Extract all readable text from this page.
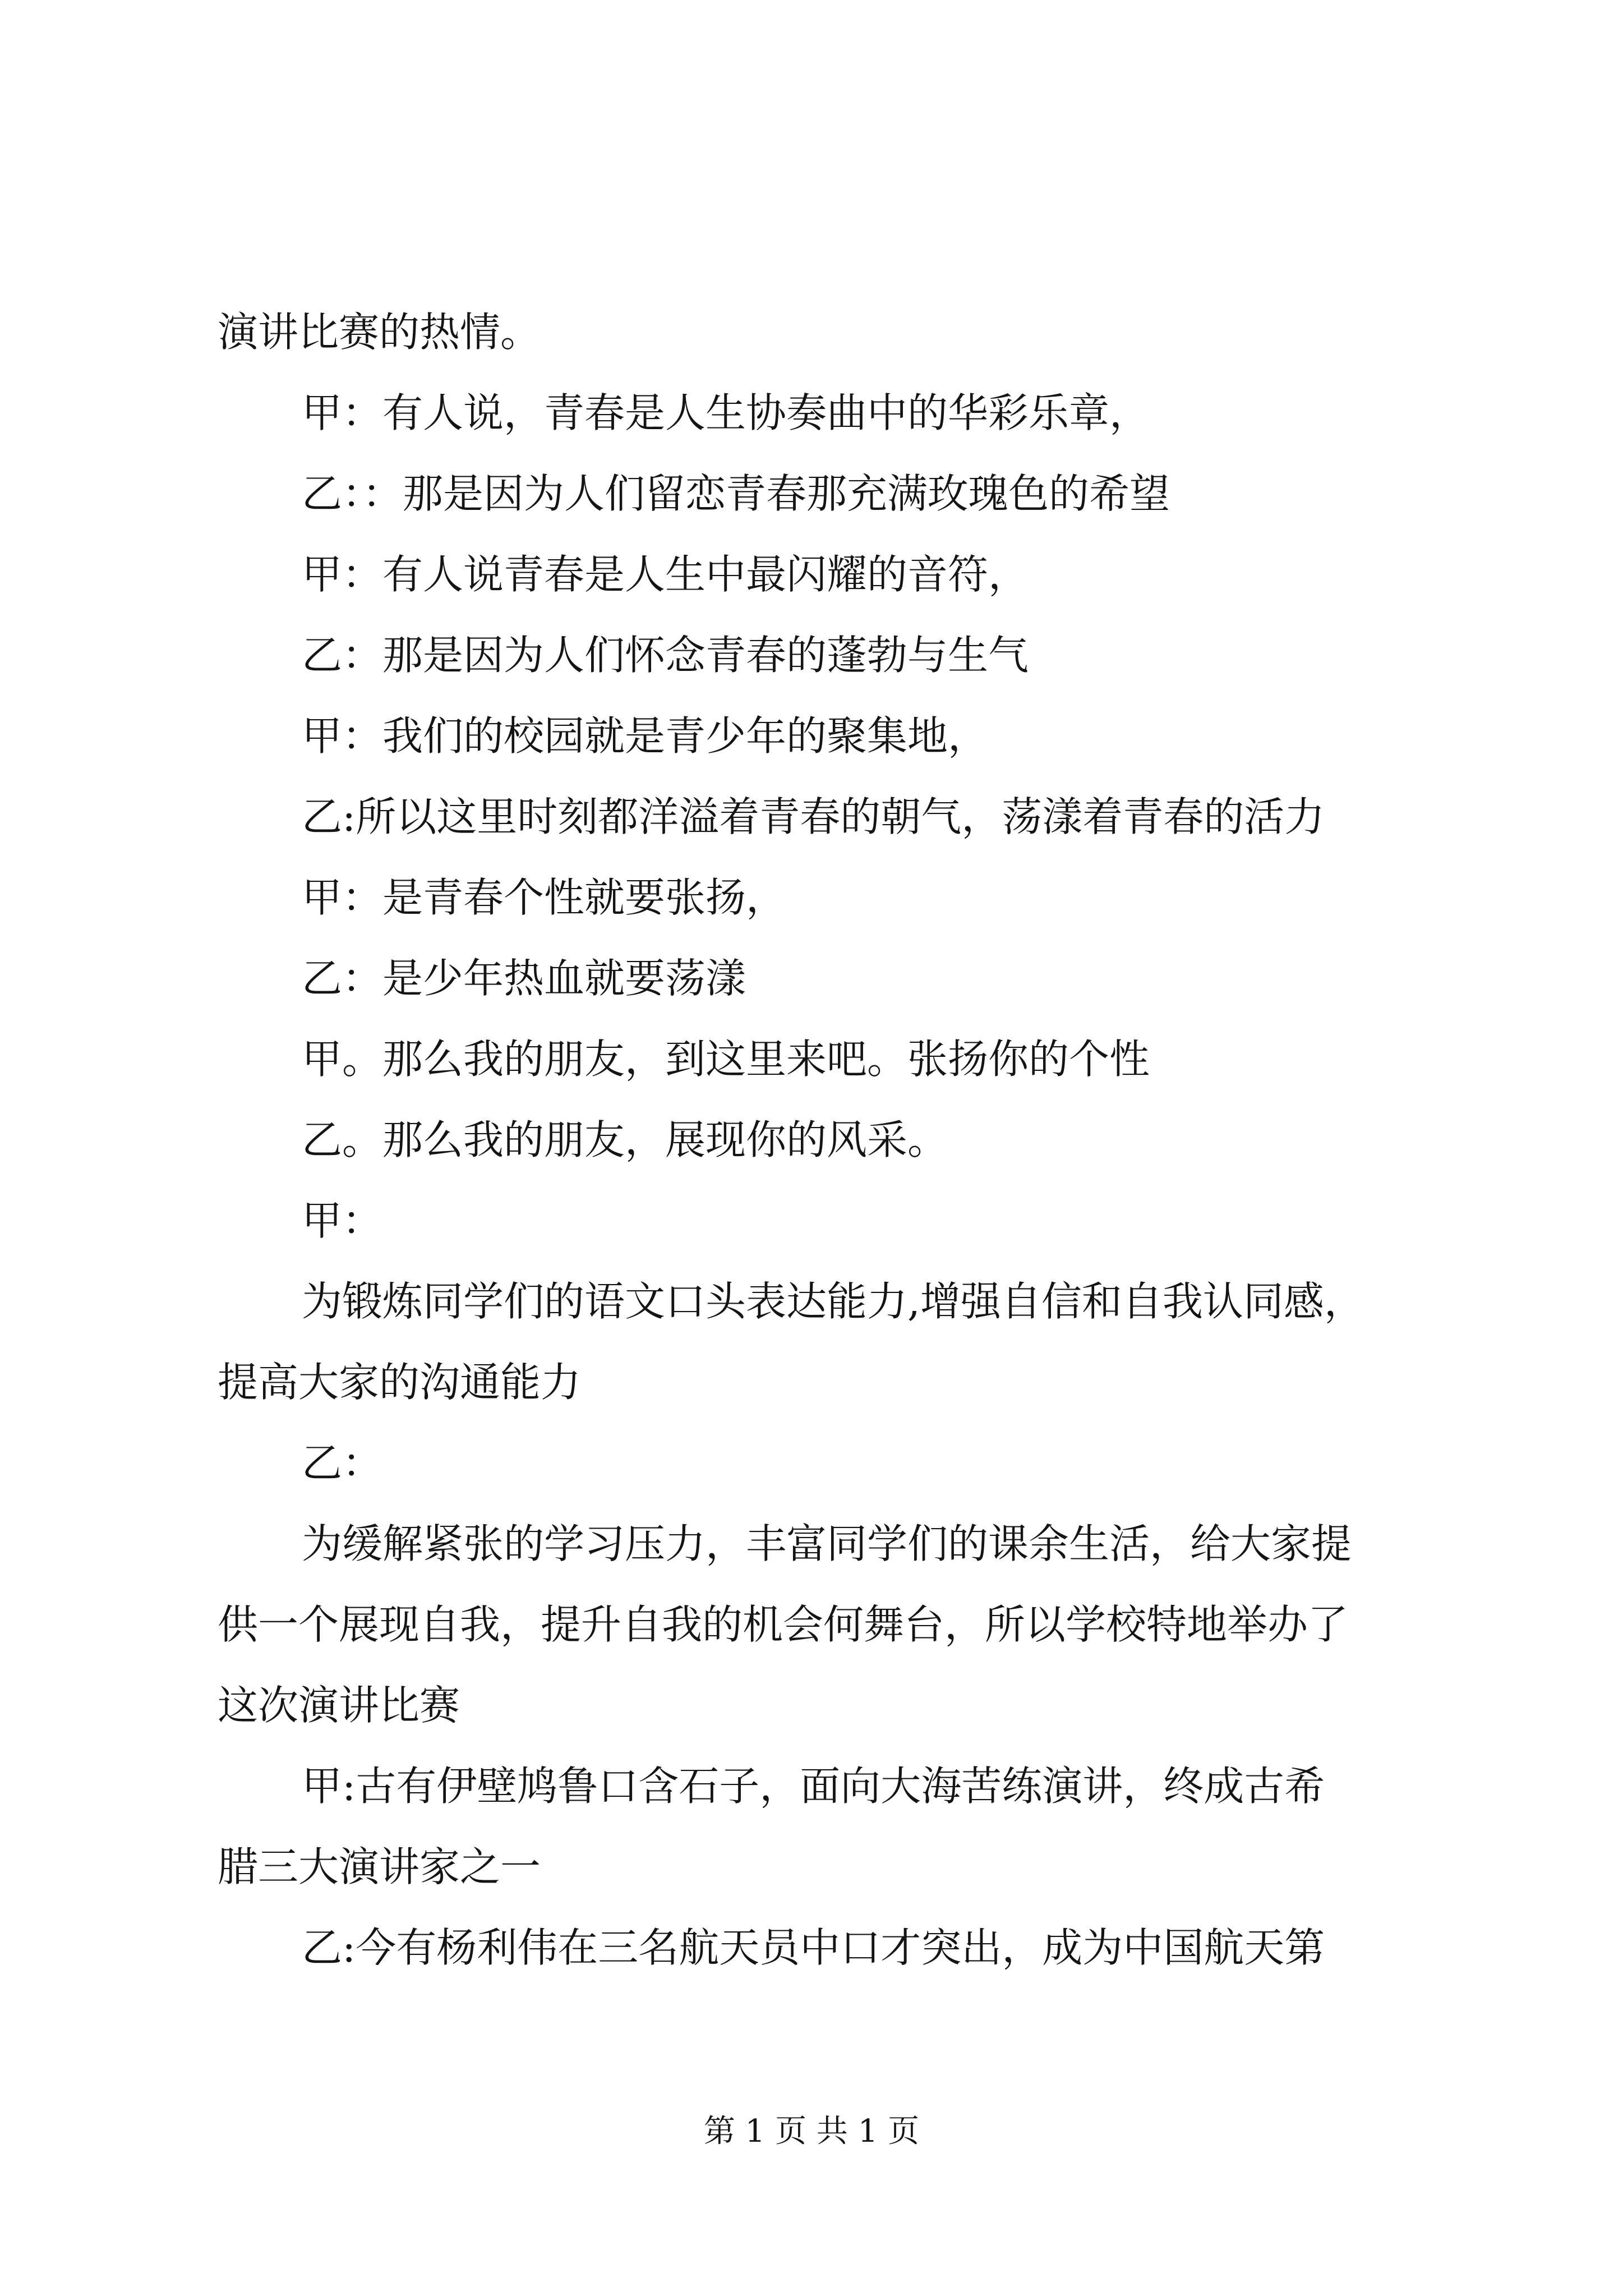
演讲比赛的热情。
甲：有人说，青春是人生协奏曲中的华彩乐章，
乙：：那是因为人们留恋青春那充满玫瑰色的希望
甲：有人说青春是人生中最闪耀的音符，
乙：那是因为人们怀念青春的蓬勃与生气
甲：我们的校园就是青少年的聚集地，
乙:所以这里时刻都洋溢着青春的朝气，荡漾着青春的活力
甲：是青春个性就要张扬，
乙：是少年热血就要荡漾
甲。那么我的朋友，到这里来吧。张扬你的个性
乙。那么我的朋友，展现你的风采。
甲：
为锻炼同学们的语文口头表达能力,增强自信和自我认同感，
提高大家的沟通能力
乙：
为缓解紧张的学习压力，丰富同学们的课余生活，给大家提
供一个展现自我，提升自我的机会何舞台，所以学校特地举办了
这次演讲比赛
甲:古有伊壁鸠鲁口含石子，面向大海苦练演讲，终成古希
腊三大演讲家之一
乙:今有杨利伟在三名航天员中口才突出，成为中国航天第
第 1 页 共 1 页
